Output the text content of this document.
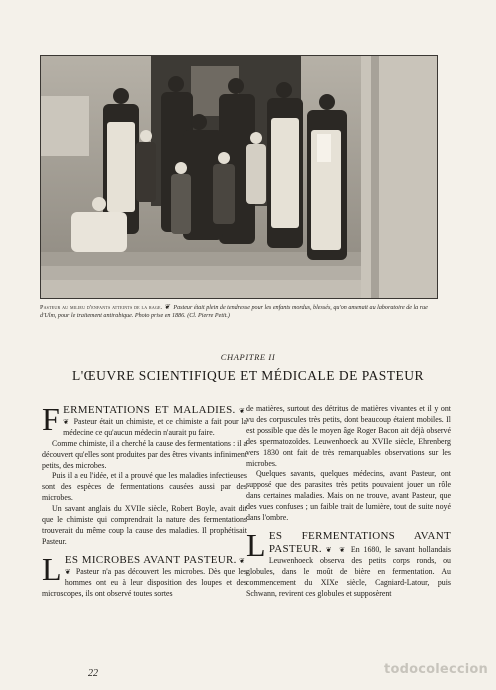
Pasteur au milieu d'enfants atteints de la rage. ❦ Pasteur était plein de tendresse pour les enfants mordus, blessés, qu'on amenait au laboratoire de la rue d'Ulm, pour le traitement antirabique. Photo prise en 1886. (Cl. Pierre Petit.)
CHAPITRE II
L'ŒUVRE SCIENTIFIQUE ET MÉDICALE DE PASTEUR

FERMENTATIONS ET MALADIES. ❦ ❦ Pasteur était un chimiste, et ce chimiste a fait pour la médecine ce qu'aucun médecin n'aurait pu faire.

Comme chimiste, il a cherché la cause des fermentations : il a découvert qu'elles sont produites par des êtres vivants infiniment petits, des microbes.

Puis il a eu l'idée, et il a prouvé que les maladies infectieuses sont des espèces de fermentations causées aussi par des microbes.

Un savant anglais du XVIIe siècle, Robert Boyle, avait dit que le chimiste qui comprendrait la nature des fermentations trouverait du même coup la cause des maladies. Il prophétisait Pasteur.

LES MICROBES AVANT PASTEUR. ❦ ❦ Pasteur n'a pas découvert les microbes. Dès que les hommes ont eu à leur disposition des loupes et des microscopes, ils ont observé toutes sortes

de matières, surtout des détritus de matières vivantes et il y ont vu des corpuscules très petits, dont beaucoup étaient mobiles. Il est possible que dès le moyen âge Roger Bacon ait déjà observé des spermatozoïdes. Leuwenhoeck au XVIIe siècle, Ehrenberg vers 1830 ont fait de très remarquables observations sur les microbes.

Quelques savants, quelques médecins, avant Pasteur, ont supposé que des parasites très petits pouvaient jouer un rôle dans certaines maladies. Mais on ne trouve, avant Pasteur, que des vues confuses ; un faible trait de lumière, tout de suite noyé dans l'ombre.

LES FERMENTATIONS AVANT PASTEUR. ❦ ❦ En 1680, le savant hollandais Leuwenhoeck observa des petits corps ronds, ou globules, dans le moût de bière en fermentation. Au commencement du XIXe siècle, Cagniard-Latour, puis Schwann, revirent ces globules et supposèrent

22	todocoleccion
